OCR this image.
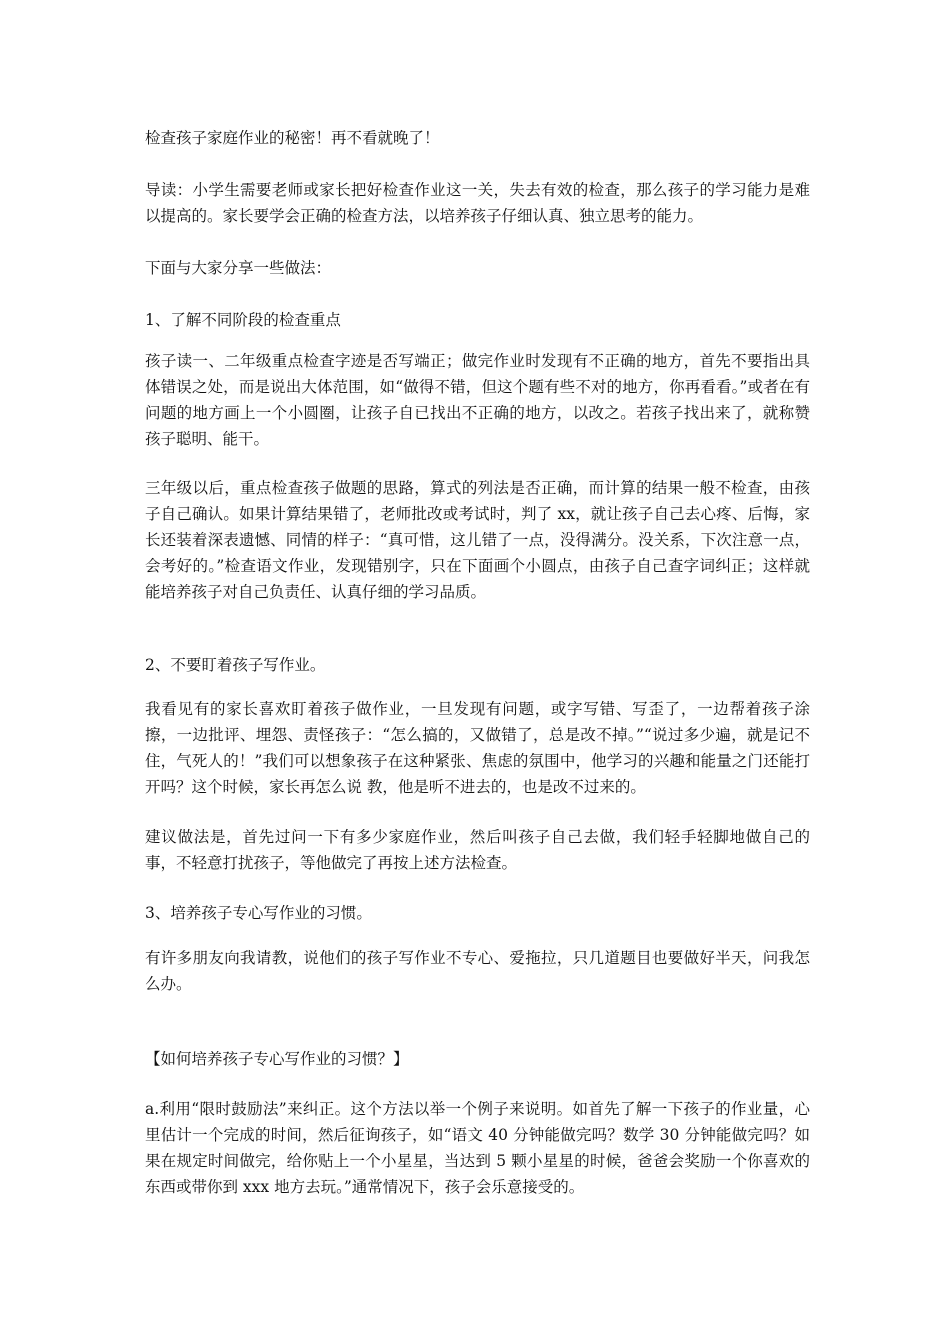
检查孩子家庭作业的秘密！再不看就晚了！

导读：小学生需要老师或家长把好检查作业这一关，失去有效的检查，那么孩子的学习能力是难以提高的。家长要学会正确的检查方法，以培养孩子仔细认真、独立思考的能力。

下面与大家分享一些做法：

1、了解不同阶段的检查重点

孩子读一、二年级重点检查字迹是否写端正；做完作业时发现有不正确的地方，首先不要指出具体错误之处，而是说出大体范围，如“做得不错，但这个题有些不对的地方，你再看看。”或者在有问题的地方画上一个小圆圈，让孩子自已找出不正确的地方，以改之。若孩子找出来了，就称赞孩子聪明、能干。

三年级以后，重点检查孩子做题的思路，算式的列法是否正确，而计算的结果一般不检查，由孩子自己确认。如果计算结果错了，老师批改或考试时，判了 xx，就让孩子自己去心疼、后悔，家长还装着深表遗憾、同情的样子：“真可惜，这儿错了一点，没得满分。没关系，下次注意一点，会考好的。”检查语文作业，发现错别字，只在下面画个小圆点，由孩子自己查字词纠正；这样就能培养孩子对自己负责任、认真仔细的学习品质。

2、不要盯着孩子写作业。

我看见有的家长喜欢盯着孩子做作业，一旦发现有问题，或字写错、写歪了，一边帮着孩子涂擦，一边批评、埋怨、责怪孩子：“怎么搞的，又做错了，总是改不掉。”“说过多少遍，就是记不住，气死人的！”我们可以想象孩子在这种紧张、焦虑的氛围中，他学习的兴趣和能量之门还能打开吗？这个时候，家长再怎么说 教，他是听不进去的，也是改不过来的。

建议做法是，首先过问一下有多少家庭作业，然后叫孩子自己去做，我们轻手轻脚地做自己的事，不轻意打扰孩子，等他做完了再按上述方法检查。

3、培养孩子专心写作业的习惯。

有许多朋友向我请教，说他们的孩子写作业不专心、爱拖拉，只几道题目也要做好半天，问我怎么办。

【如何培养孩子专心写作业的习惯？】

a.利用“限时鼓励法”来纠正。这个方法以举一个例子来说明。如首先了解一下孩子的作业量，心里估计一个完成的时间，然后征询孩子，如“语文 40 分钟能做完吗？数学 30 分钟能做完吗？如果在规定时间做完，给你贴上一个小星星，当达到 5 颗小星星的时候，爸爸会奖励一个你喜欢的东西或带你到 xxx 地方去玩。”通常情况下，孩子会乐意接受的。
